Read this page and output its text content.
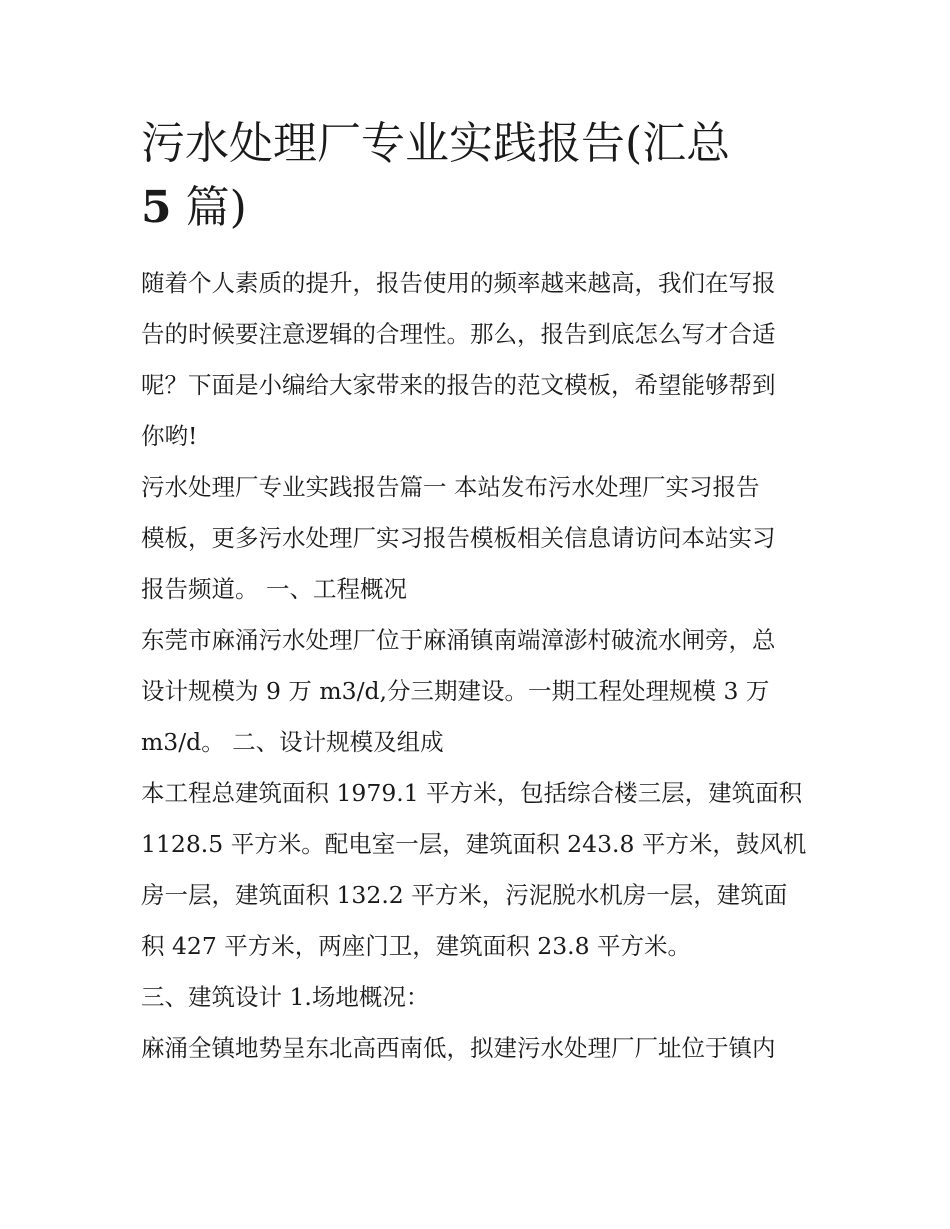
污水处理厂专业实践报告(汇总
5 篇)

随着个人素质的提升，报告使用的频率越来越高，我们在写报
告的时候要注意逻辑的合理性。那么，报告到底怎么写才合适
呢？下面是小编给大家带来的报告的范文模板，希望能够帮到
你哟!

污水处理厂专业实践报告篇一 本站发布污水处理厂实习报告
模板，更多污水处理厂实习报告模板相关信息请访问本站实习
报告频道。 一、工程概况

东莞市麻涌污水处理厂位于麻涌镇南端漳澎村破流水闸旁，总
设计规模为 9 万 m3/d,分三期建设。一期工程处理规模 3 万
m3/d。 二、设计规模及组成

本工程总建筑面积 1979.1 平方米，包括综合楼三层，建筑面积
1128.5 平方米。配电室一层，建筑面积 243.8 平方米，鼓风机
房一层，建筑面积 132.2 平方米，污泥脱水机房一层，建筑面
积 427 平方米，两座门卫，建筑面积 23.8 平方米。

三、建筑设计 1.场地概况：

麻涌全镇地势呈东北高西南低，拟建污水处理厂厂址位于镇内
